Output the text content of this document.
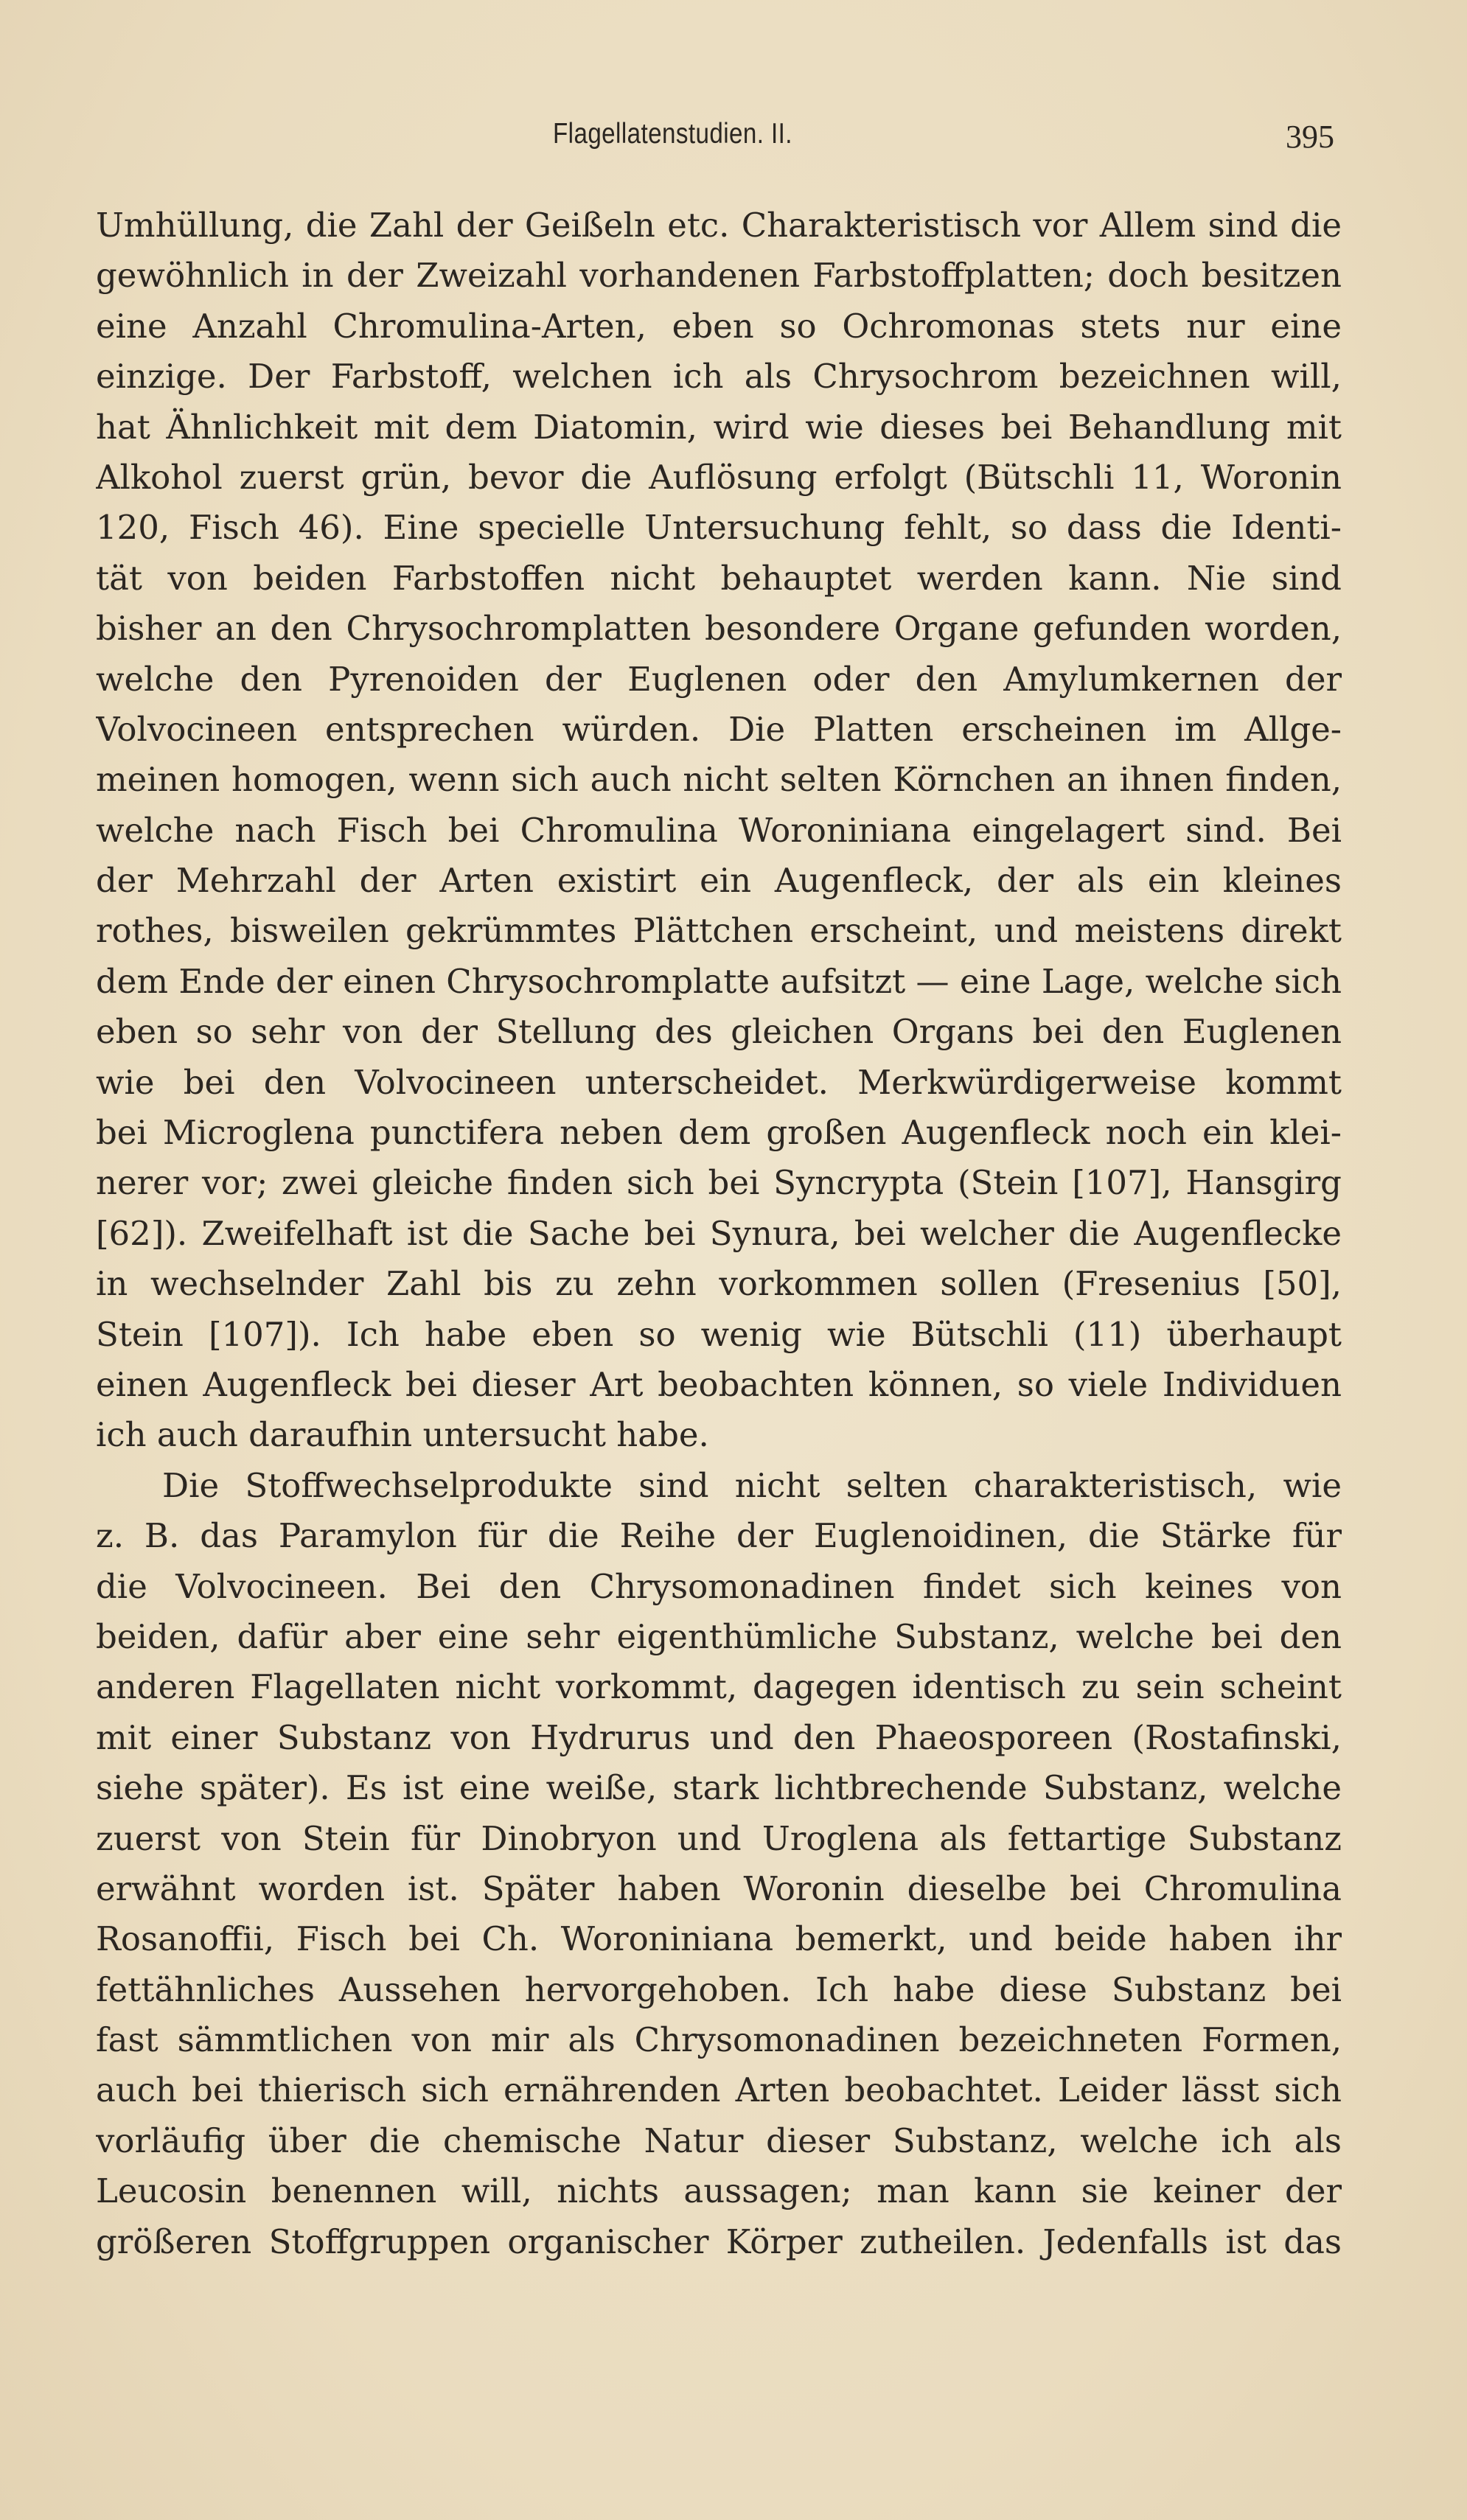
Flagellatenstudien. II.	395
Umhüllung, die Zahl der Geißeln etc. Charakteristisch vor Allem sind die
gewöhnlich in der Zweizahl vorhandenen Farbstoffplatten; doch besitzen
eine Anzahl Chromulina-Arten, eben so Ochromonas stets nur eine
einzige. Der Farbstoff, welchen ich als Chrysochrom bezeichnen will,
hat Ähnlichkeit mit dem Diatomin, wird wie dieses bei Behandlung mit
Alkohol zuerst grün, bevor die Auflösung erfolgt (Bütschli 11, Woronin
120, Fisch 46). Eine specielle Untersuchung fehlt, so dass die Identi-
tät von beiden Farbstoffen nicht behauptet werden kann. Nie sind
bisher an den Chrysochromplatten besondere Organe gefunden worden,
welche den Pyrenoiden der Euglenen oder den Amylumkernen der
Volvocineen entsprechen würden. Die Platten erscheinen im Allge-
meinen homogen, wenn sich auch nicht selten Körnchen an ihnen finden,
welche nach Fisch bei Chromulina Woroniniana eingelagert sind. Bei
der Mehrzahl der Arten existirt ein Augenfleck, der als ein kleines
rothes, bisweilen gekrümmtes Plättchen erscheint, und meistens direkt
dem Ende der einen Chrysochromplatte aufsitzt — eine Lage, welche sich
eben so sehr von der Stellung des gleichen Organs bei den Euglenen
wie bei den Volvocineen unterscheidet. Merkwürdigerweise kommt
bei Microglena punctifera neben dem großen Augenfleck noch ein klei-
nerer vor; zwei gleiche finden sich bei Syncrypta (Stein [107], Hansgirg
[62]). Zweifelhaft ist die Sache bei Synura, bei welcher die Augenflecke
in wechselnder Zahl bis zu zehn vorkommen sollen (Fresenius [50],
Stein [107]). Ich habe eben so wenig wie Bütschli (11) überhaupt
einen Augenfleck bei dieser Art beobachten können, so viele Individuen
ich auch daraufhin untersucht habe.
Die Stoffwechselprodukte sind nicht selten charakteristisch, wie
z. B. das Paramylon für die Reihe der Euglenoidinen, die Stärke für
die Volvocineen. Bei den Chrysomonadinen findet sich keines von
beiden, dafür aber eine sehr eigenthümliche Substanz, welche bei den
anderen Flagellaten nicht vorkommt, dagegen identisch zu sein scheint
mit einer Substanz von Hydrurus und den Phaeosporeen (Rostafinski,
siehe später). Es ist eine weiße, stark lichtbrechende Substanz, welche
zuerst von Stein für Dinobryon und Uroglena als fettartige Substanz
erwähnt worden ist. Später haben Woronin dieselbe bei Chromulina
Rosanoffii, Fisch bei Ch. Woroniniana bemerkt, und beide haben ihr
fettähnliches Aussehen hervorgehoben. Ich habe diese Substanz bei
fast sämmtlichen von mir als Chrysomonadinen bezeichneten Formen,
auch bei thierisch sich ernährenden Arten beobachtet. Leider lässt sich
vorläufig über die chemische Natur dieser Substanz, welche ich als
Leucosin benennen will, nichts aussagen; man kann sie keiner der
größeren Stoffgruppen organischer Körper zutheilen. Jedenfalls ist das
